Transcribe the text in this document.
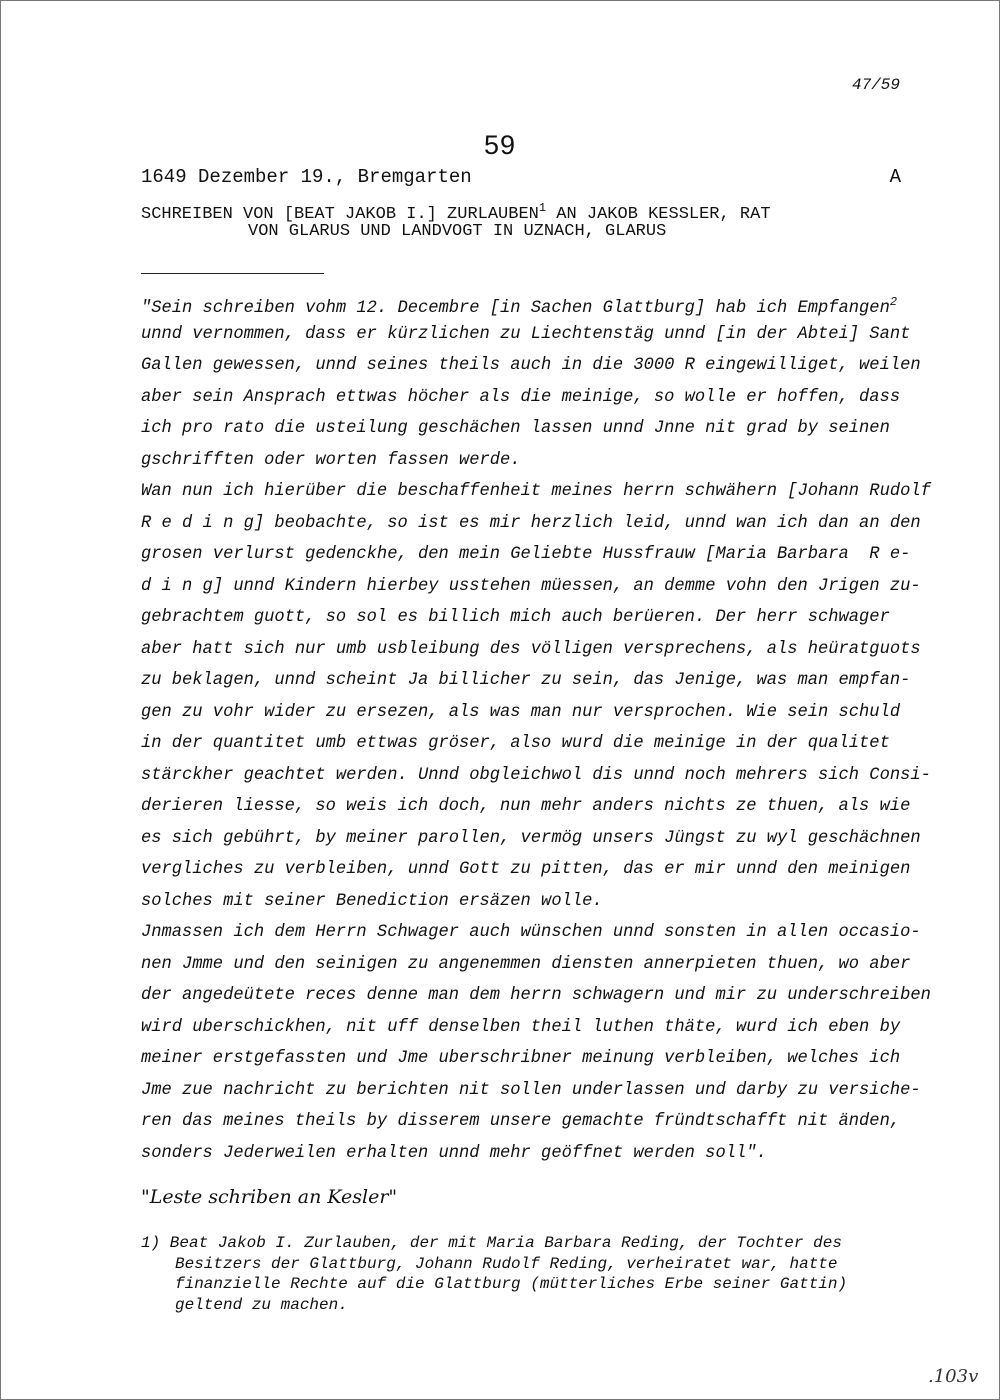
47/59
59
1649 Dezember 19., Bremgarten	A
SCHREIBEN VON [BEAT JAKOB I.] ZURLAUBEN$^1$ AN JAKOB KESSLER, RAT
VON GLARUS UND LANDVOGT IN UZNACH, GLARUS
"Sein schreiben vohm 12. Decembre [in Sachen Glattburg] hab ich Empfangen$^2$
unnd vernommen, dass er kürzlichen zu Liechtenstäg unnd [in der Abtei] Sant
Gallen gewessen, unnd seines theils auch in die 3000 R eingewilliget, weilen
aber sein Ansprach ettwas höcher als die meinige, so wolle er hoffen, dass
ich pro rato die usteilung geschächen lassen unnd Jnne nit grad by seinen
gschrifften oder worten fassen werde.
Wan nun ich hierüber die beschaffenheit meines herrn schwähern [Johann Rudolf
R e d i n g] beobachte, so ist es mir herzlich leid, unnd wan ich dan an den
grosen verlurst gedenckhe, den mein Geliebte Hussfrauw [Maria Barbara  R e-
d i n g] unnd Kindern hierbey usstehen müessen, an demme vohn den Jrigen zu-
gebrachtem guott, so sol es billich mich auch berüeren. Der herr schwager
aber hatt sich nur umb usbleibung des völligen versprechens, als heüratguots
zu beklagen, unnd scheint Ja billicher zu sein, das Jenige, was man empfan-
gen zu vohr wider zu ersezen, als was man nur versprochen. Wie sein schuld
in der quantitet umb ettwas gröser, also wurd die meinige in der qualitet
stärckher geachtet werden. Unnd obgleichwol dis unnd noch mehrers sich Consi-
derieren liesse, so weis ich doch, nun mehr anders nichts ze thuen, als wie
es sich gebührt, by meiner parollen, vermög unsers Jüngst zu wyl geschächnen
vergliches zu verbleiben, unnd Gott zu pitten, das er mir unnd den meinigen
solches mit seiner Benediction ersäzen wolle.
Jnmassen ich dem Herrn Schwager auch wünschen unnd sonsten in allen occasio-
nen Jmme und den seinigen zu angenemmen diensten annerpieten thuen, wo aber
der angedeütete reces denne man dem herrn schwagern und mir zu underschreiben
wird uberschickhen, nit uff denselben theil luthen thäte, wurd ich eben by
meiner erstgefassten und Jme uberschribner meinung verbleiben, welches ich
Jme zue nachricht zu berichten nit sollen underlassen und darby zu versiche-
ren das meines theils by disserem unsere gemachte fründtschafft nit änden,
sonders Jederweilen erhalten unnd mehr geöffnet werden soll".
"Leste schriben an Kesler"
1) Beat Jakob I. Zurlauben, der mit Maria Barbara Reding, der Tochter des
Besitzers der Glattburg, Johann Rudolf Reding, verheiratet war, hatte
finanzielle Rechte auf die Glattburg (mütterliches Erbe seiner Gattin)
geltend zu machen.
.103v
